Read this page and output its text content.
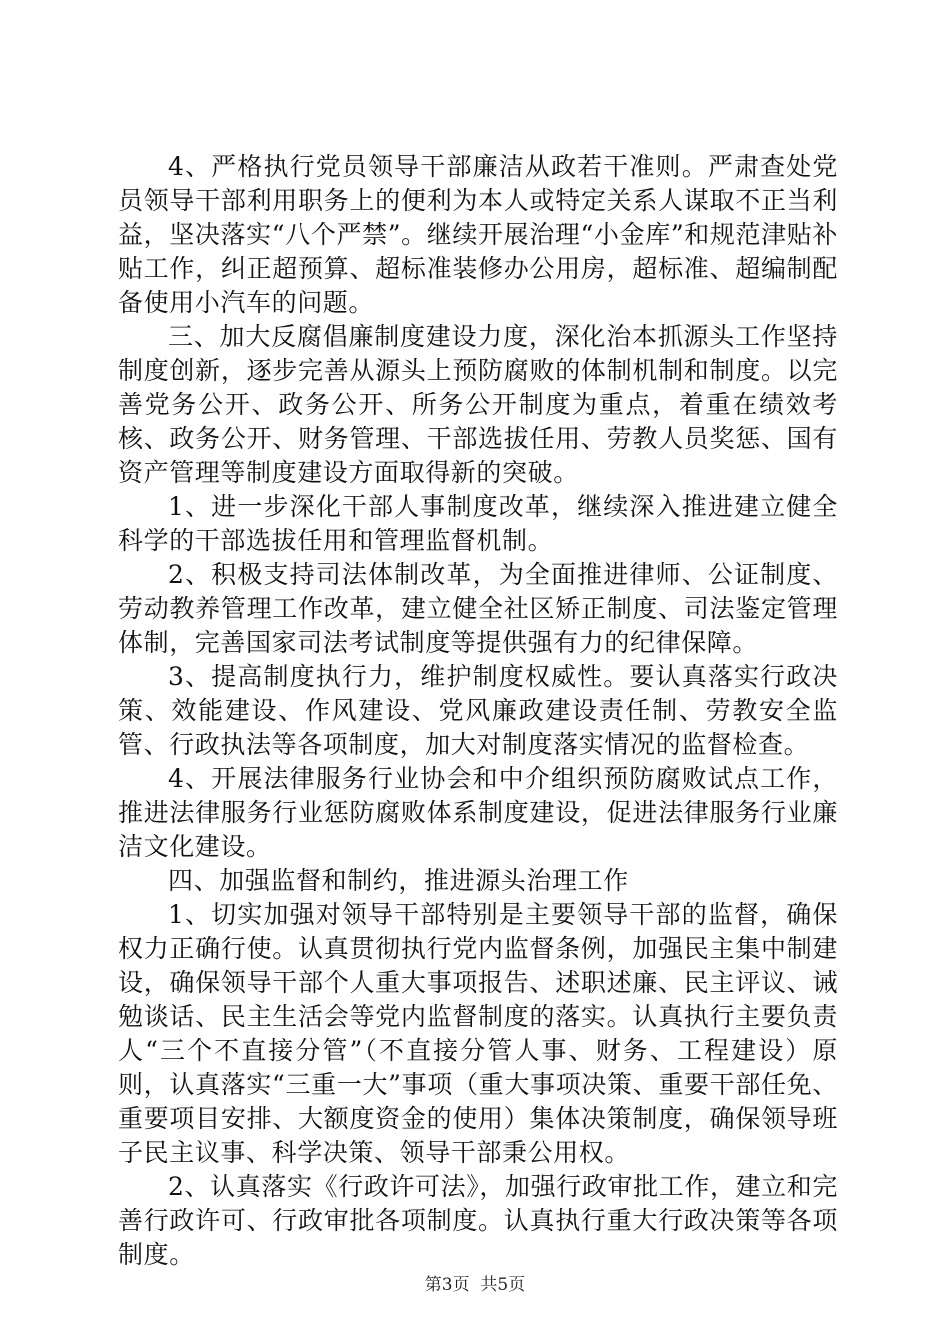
4、严格执行党员领导干部廉洁从政若干准则。严肃查处党员领导干部利用职务上的便利为本人或特定关系人谋取不正当利益，坚决落实“八个严禁”。继续开展治理“小金库”和规范津贴补贴工作，纠正超预算、超标准装修办公用房，超标准、超编制配备使用小汽车的问题。

三、加大反腐倡廉制度建设力度，深化治本抓源头工作坚持制度创新，逐步完善从源头上预防腐败的体制机制和制度。以完善党务公开、政务公开、所务公开制度为重点，着重在绩效考核、政务公开、财务管理、干部选拔任用、劳教人员奖惩、国有资产管理等制度建设方面取得新的突破。

1、进一步深化干部人事制度改革，继续深入推进建立健全科学的干部选拔任用和管理监督机制。

2、积极支持司法体制改革，为全面推进律师、公证制度、劳动教养管理工作改革，建立健全社区矫正制度、司法鉴定管理体制，完善国家司法考试制度等提供强有力的纪律保障。

3、提高制度执行力，维护制度权威性。要认真落实行政决策、效能建设、作风建设、党风廉政建设责任制、劳教安全监管、行政执法等各项制度，加大对制度落实情况的监督检查。

4、开展法律服务行业协会和中介组织预防腐败试点工作，推进法律服务行业惩防腐败体系制度建设，促进法律服务行业廉洁文化建设。

四、加强监督和制约，推进源头治理工作

1、切实加强对领导干部特别是主要领导干部的监督，确保权力正确行使。认真贯彻执行党内监督条例，加强民主集中制建设，确保领导干部个人重大事项报告、述职述廉、民主评议、诫勉谈话、民主生活会等党内监督制度的落实。认真执行主要负责人“三个不直接分管”（不直接分管人事、财务、工程建设）原则，认真落实“三重一大”事项（重大事项决策、重要干部任免、重要项目安排、大额度资金的使用）集体决策制度，确保领导班子民主议事、科学决策、领导干部秉公用权。

2、认真落实《行政许可法》，加强行政审批工作，建立和完善行政许可、行政审批各项制度。认真执行重大行政决策等各项制度。

第3页  共5页
